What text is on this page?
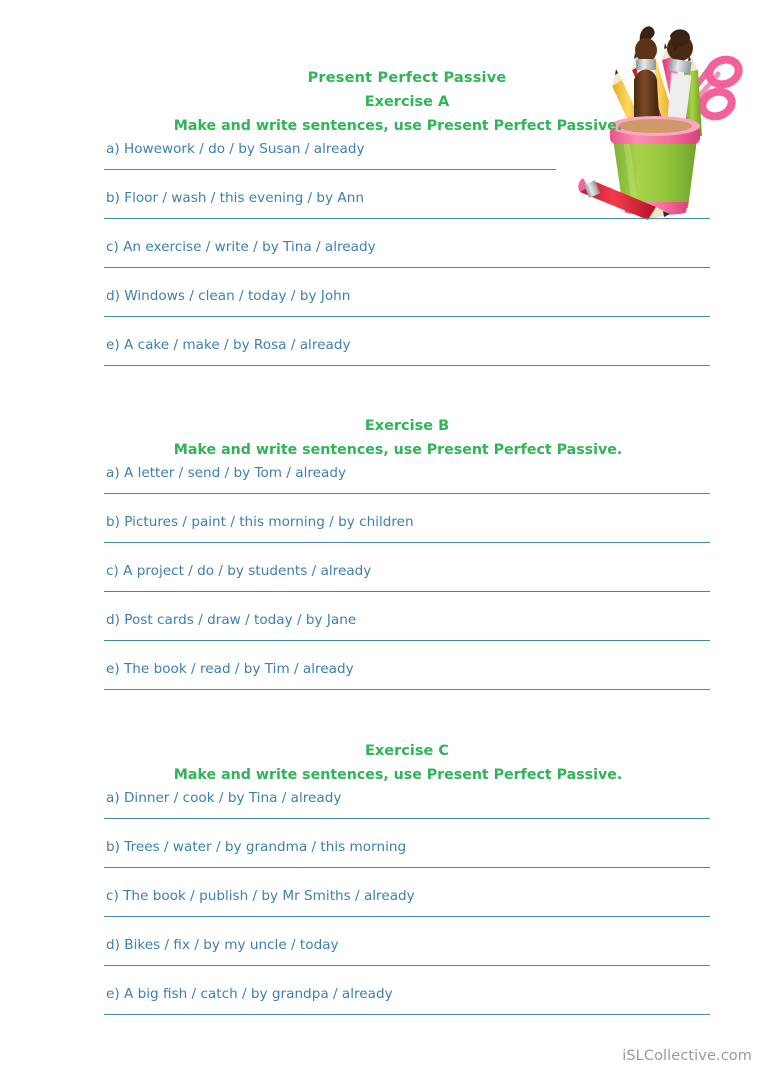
Present Perfect Passive
Exercise A
Make and write sentences, use Present Perfect Passive.
a)
Howework / do / by Susan / already
b)
Floor / wash / this evening / by Ann
c)
An exercise / write / by Tina / already
d)
Windows / clean / today / by John
e)
A cake / make / by Rosa / already
Exercise B
Make and write sentences, use Present Perfect Passive.
a)
A letter / send / by Tom / already
b)
Pictures / paint / this morning / by children
c)
A project / do / by students / already
d)
Post cards / draw / today / by Jane
e)
The book / read / by Tim / already
Exercise C
Make and write sentences, use Present Perfect Passive.
a)
Dinner / cook / by Tina / already
b)
Trees / water / by grandma / this morning
c)
The book / publish / by Mr Smiths / already
d)
Bikes / fix / by my uncle / today
e)
A big fish / catch / by grandpa / already
iSLCollective.com
